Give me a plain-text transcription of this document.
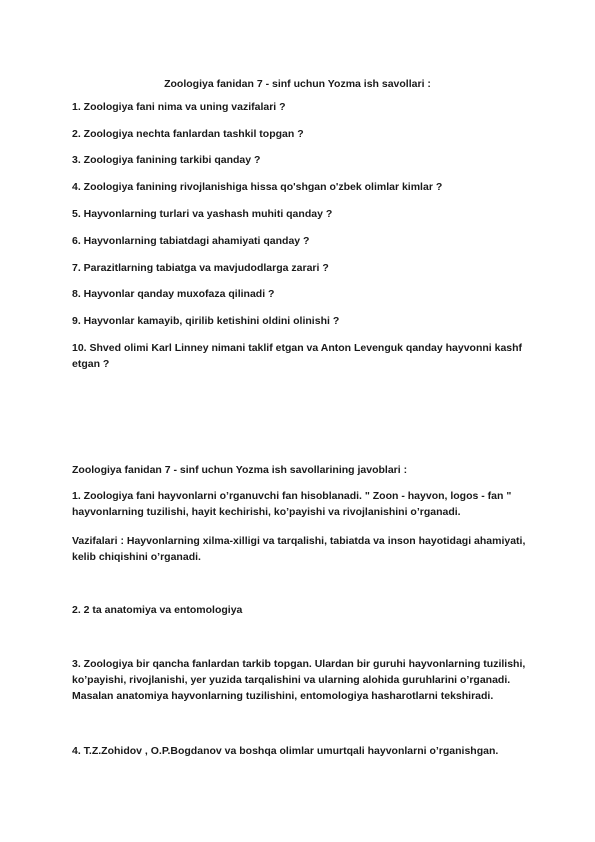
Zoologiya fanidan 7 - sinf uchun Yozma ish savollari :
1. Zoologiya fani nima va uning vazifalari ?
2. Zoologiya nechta fanlardan tashkil topgan ?
3. Zoologiya fanining tarkibi qanday ?
4. Zoologiya fanining rivojlanishiga hissa qo'shgan o'zbek olimlar kimlar ?
5. Hayvonlarning turlari va yashash muhiti qanday ?
6. Hayvonlarning tabiatdagi ahamiyati qanday ?
7. Parazitlarning tabiatga va mavjudodlarga zarari ?
8. Hayvonlar qanday muxofaza qilinadi ?
9. Hayvonlar kamayib, qirilib ketishini oldini olinishi ?
10. Shved olimi Karl Linney nimani taklif etgan va Anton Levenguk qanday hayvonni kashf etgan ?
Zoologiya fanidan 7 - sinf uchun Yozma ish savollarining javoblari :
1. Zoologiya fani hayvonlarni o’rganuvchi fan hisoblanadi. " Zoon - hayvon, logos - fan " hayvonlarning tuzilishi, hayit kechirishi, ko’payishi va rivojlanishini o’rganadi.
Vazifalari : Hayvonlarning xilma-xilligi va tarqalishi, tabiatda va inson hayotidagi ahamiyati, kelib chiqishini o’rganadi.
2. 2 ta anatomiya va entomologiya
3. Zoologiya bir qancha fanlardan tarkib topgan. Ulardan bir guruhi hayvonlarning tuzilishi, ko’payishi, rivojlanishi, yer yuzida tarqalishini va ularning alohida guruhlarini o’rganadi. Masalan anatomiya hayvonlarning tuzilishini, entomologiya hasharotlarni tekshiradi.
4. T.Z.Zohidov , O.P.Bogdanov va boshqa olimlar umurtqali hayvonlarni o’rganishgan.
